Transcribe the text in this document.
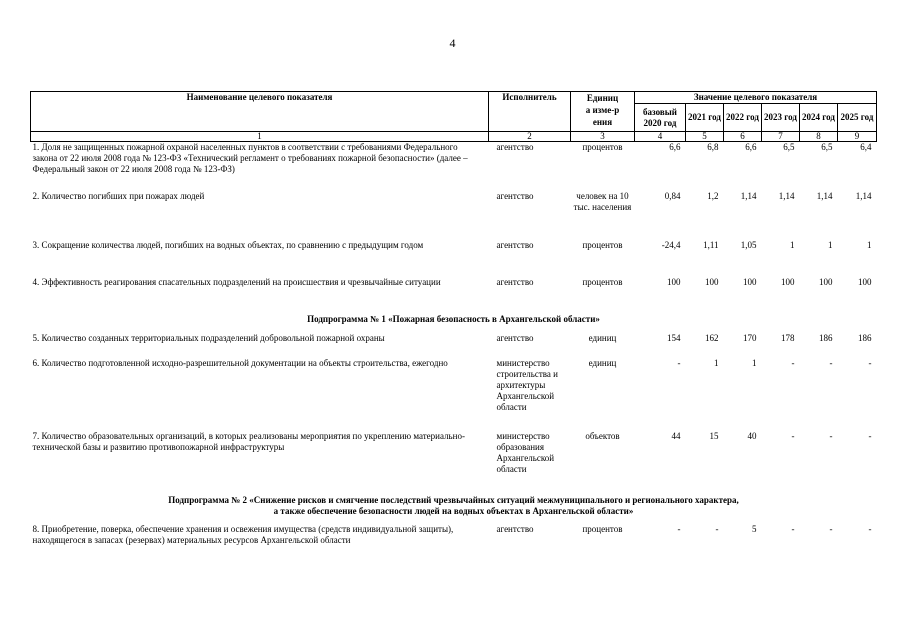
4
Наименование целевого показателя	Исполнитель	Единица изме-рения	Значение целевого показателя					
			базовый 2020 год	2021 год	2022 год	2023 год	2024 год	2025 год
1	2	3	4	5	6	7	8	9
1. Доля не защищенных пожарной охраной населенных пунктов в соответствии с требованиями Федерального закона от 22 июля 2008 года № 123-ФЗ «Технический регламент о требованиях пожарной безопасности» (далее – Федеральный закон от 22 июля 2008 года № 123-ФЗ)	агентство	процентов	6,6	6,8	6,6	6,5	6,5	6,4
2. Количество погибших при пожарах людей	агентство	человек на 10 тыс. населения	0,84	1,2	1,14	1,14	1,14	1,14
3. Сокращение количества людей, погибших на водных объектах, по сравнению с предыдущим годом	агентство	процентов	-24,4	1,11	1,05	1	1	1
4. Эффективность реагирования спасательных подразделений на происшествия и чрезвычайные ситуации	агентство	процентов	100	100	100	100	100	100
Подпрограмма № 1 «Пожарная безопасность в Архангельской области»								
5. Количество созданных территориальных подразделений добровольной пожарной охраны	агентство	единиц	154	162	170	178	186	186
6. Количество подготовленной исходно-разрешительной документации на объекты строительства, ежегодно	министерство строительства и архитектуры Архангельской области	единиц	-	1	1	-	-	-
7. Количество образовательных организаций, в которых реализованы мероприятия по укреплению материально-технической базы и развитию противопожарной инфраструктуры	министерство образования Архангельской области	объектов	44	15	40	-	-	-

Подпрограмма № 2 «Снижение рисков и смягчение последствий чрезвычайных ситуаций межмуниципального и регионального характера,
а также обеспечение безопасности людей на водных объектах в Архангельской области»								

8. Приобретение, поверка, обеспечение хранения и освежения имущества (средств индивидуальной защиты), находящегося в запасах (резервах) материальных ресурсов Архангельской области	агентство	процентов	-	-	5	-	-	-
